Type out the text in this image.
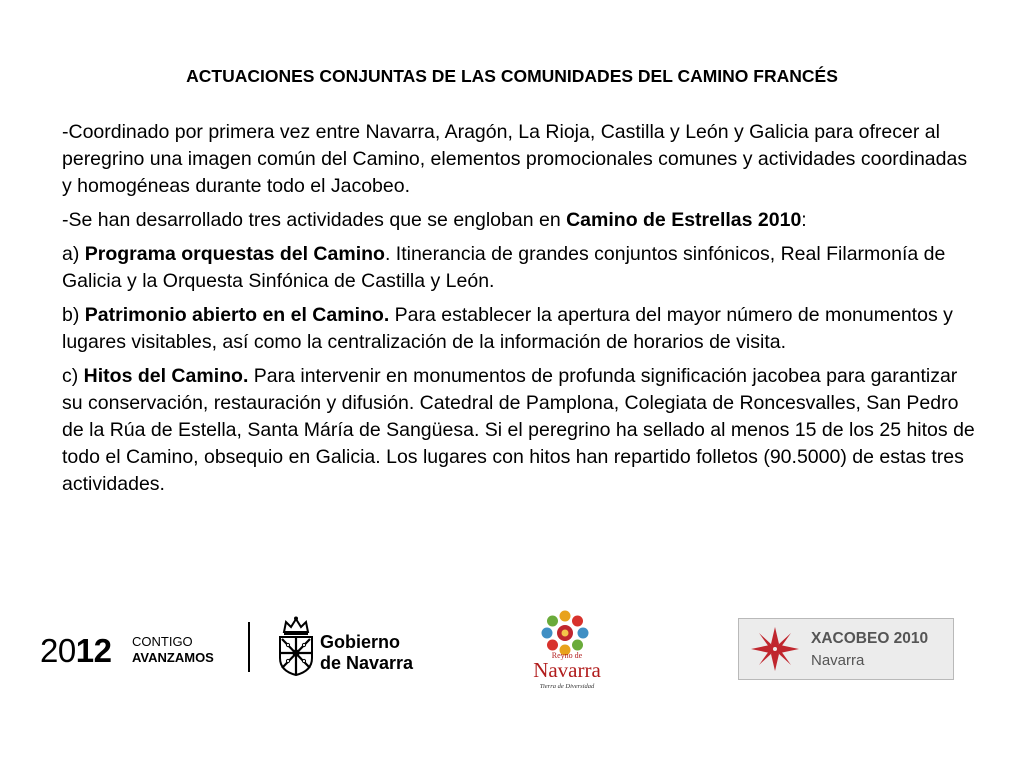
ACTUACIONES CONJUNTAS DE LAS COMUNIDADES DEL CAMINO FRANCÉS

-Coordinado por primera vez entre Navarra, Aragón, La Rioja, Castilla y León y Galicia para ofrecer al peregrino una imagen común del Camino, elementos promocionales comunes y actividades coordinadas y homogéneas durante todo el Jacobeo.

-Se han desarrollado tres actividades que se engloban en Camino de Estrellas 2010:

a) Programa orquestas del Camino. Itinerancia de grandes conjuntos sinfónicos, Real Filarmonía de Galicia y la Orquesta Sinfónica de Castilla y León.

b) Patrimonio abierto en el Camino. Para establecer la apertura del mayor número de monumentos y lugares visitables, así como la centralización de la información de horarios de visita.

c) Hitos del Camino. Para intervenir en monumentos de profunda significación jacobea para garantizar su conservación, restauración y difusión. Catedral de Pamplona, Colegiata de Roncesvalles, San Pedro de la Rúa de Estella, Santa Máría de Sangüesa. Si el peregrino ha sellado al menos 15 de los 25 hitos de todo el Camino, obsequio en Galicia. Los lugares con hitos han repartido folletos (90.5000) de estas tres actividades.

2012 CONTIGO
AVANZAMOS
Gobierno
de Navarra	Reyno de
Navarra
Tierra de Diversidad
XACOBEO 2010
Navarra
